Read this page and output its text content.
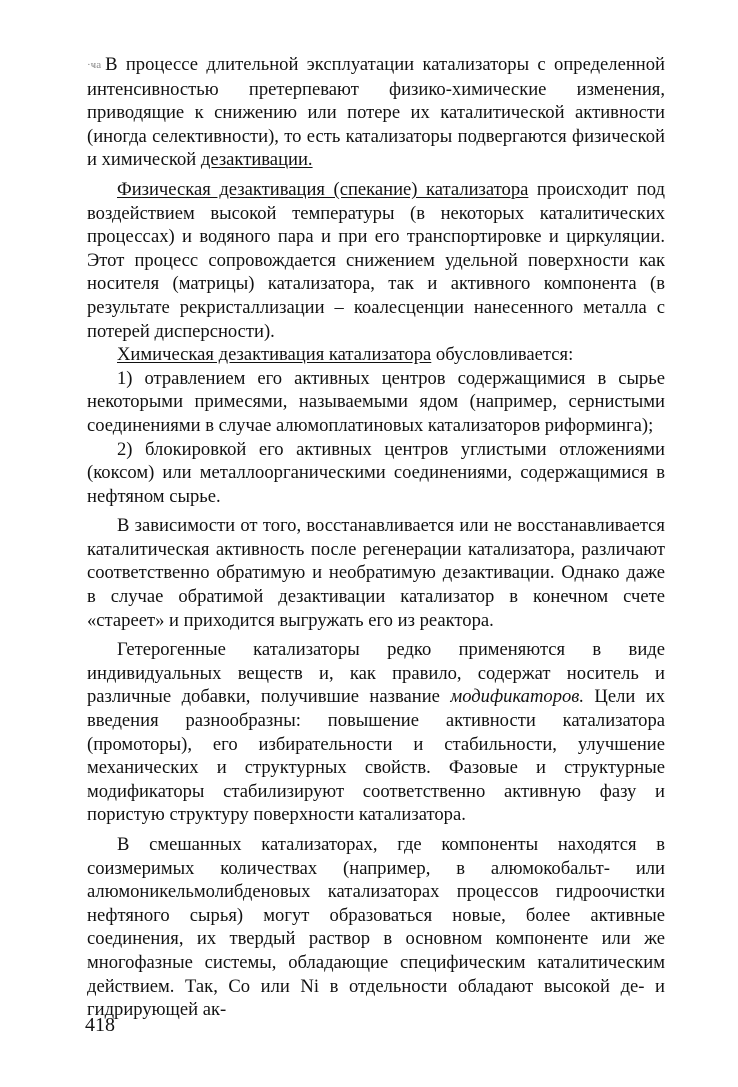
·ҹa В процессе длительной эксплуатации катализаторы с определенной интенсивностью претерпевают физико-химические изменения, приводящие к снижению или потере их каталитической активности (иногда селективности), то есть катализаторы подвергаются физической и химической дезактивации.

Физическая дезактивация (спекание) катализатора происходит под воздействием высокой температуры (в некоторых каталитических процессах) и водяного пара и при его транспортировке и циркуляции. Этот процесс сопровождается снижением удельной поверхности как носителя (матрицы) катализатора, так и активного компонента (в результате рекристаллизации – коалесценции нанесенного металла с потерей дисперсности).

Химическая дезактивация катализатора обусловливается:

1) отравлением его активных центров содержащимися в сырье некоторыми примесями, называемыми ядом (например, сернистыми соединениями в случае алюмоплатиновых катализаторов риформинга);

2) блокировкой его активных центров углистыми отложениями (коксом) или металлоорганическими соединениями, содержащимися в нефтяном сырье.

В зависимости от того, восстанавливается или не восстанавливается каталитическая активность после регенерации катализатора, различают соответственно обратимую и необратимую дезактивации. Однако даже в случае обратимой дезактивации катализатор в конечном счете «стареет» и приходится выгружать его из реактора.

Гетерогенные катализаторы редко применяются в виде индивидуальных веществ и, как правило, содержат носитель и различные добавки, получившие название модификаторов. Цели их введения разнообразны: повышение активности катализатора (промоторы), его избирательности и стабильности, улучшение механических и структурных свойств. Фазовые и структурные модификаторы стабилизируют соответственно активную фазу и пористую структуру поверхности катализатора.

В смешанных катализаторах, где компоненты находятся в соизмеримых количествах (например, в алюмокобальт- или алюмоникельмолибденовых катализаторах процессов гидроочистки нефтяного сырья) могут образоваться новые, более активные соединения, их твердый раствор в основном компоненте или же многофазные системы, обладающие специфическим каталитическим действием. Так, Со или Ni в отдельности обладают высокой де- и гидрирующей ак-

418
